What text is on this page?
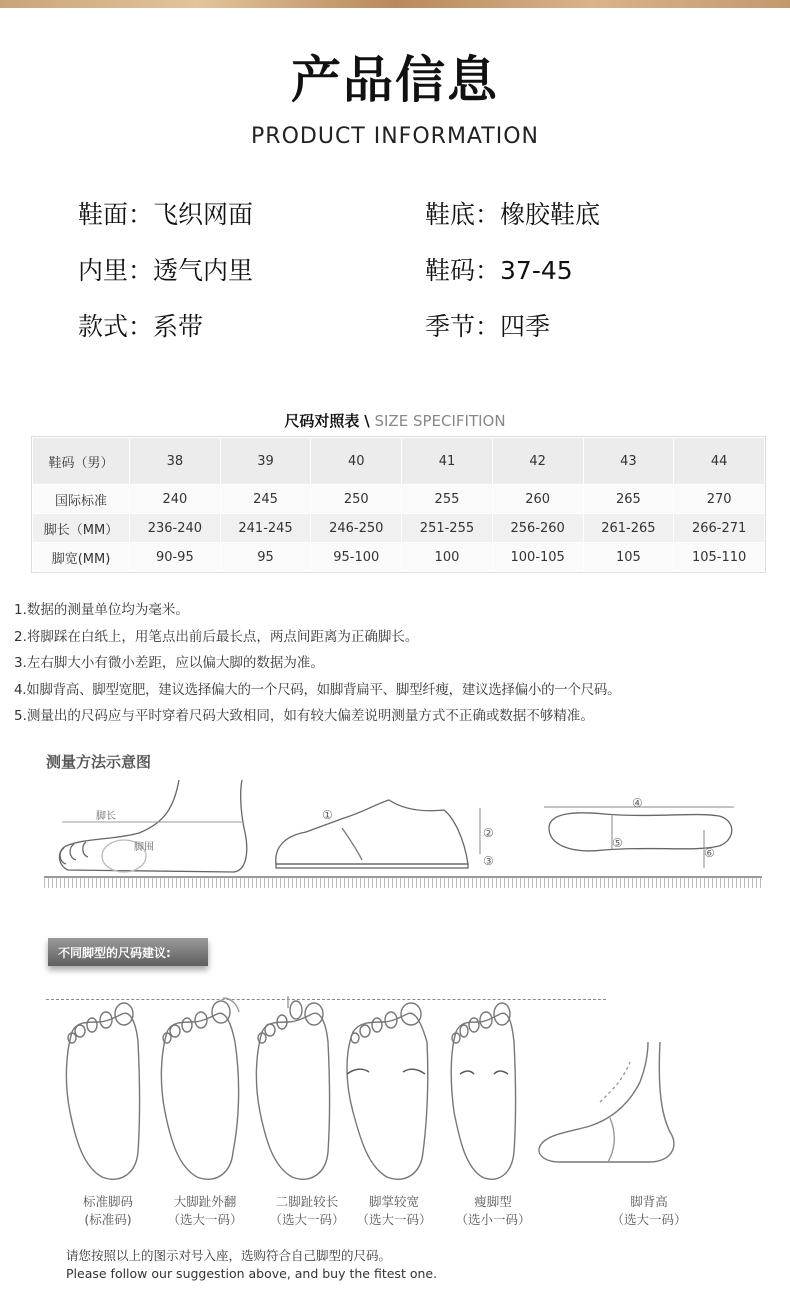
产品信息
PRODUCT INFORMATION
鞋面：飞织网面	鞋底：橡胶鞋底
内里：透气内里	鞋码：37-45
款式：系带	季节：四季
尺码对照表 \ SIZE SPECIFITION
鞋码（男）	38	39	40	41	42	43	44
国际标准	240	245	250	255	260	265	270
脚长（MM）	236-240	241-245	246-250	251-255	256-260	261-265	266-271
脚宽(MM)	90-95	95	95-100	100	100-105	105	105-110
1.数据的测量单位均为毫米。
2.将脚踩在白纸上，用笔点出前后最长点，两点间距离为正确脚长。
3.左右脚大小有微小差距，应以偏大脚的数据为准。
4.如脚背高、脚型宽肥，建议选择偏大的一个尺码，如脚背扁平、脚型纤瘦，建议选择偏小的一个尺码。
5.测量出的尺码应与平时穿着尺码大致相同，如有较大偏差说明测量方式不正确或数据不够精准。
测量方法示意图
脚长
脚围
①
②
③
④
⑤
⑥
不同脚型的尺码建议:
标准脚码
(标准码)
大脚趾外翻
（选大一码）
二脚趾较长
（选大一码）
脚掌较宽
（选大一码）
瘦脚型
（选小一码）
脚背高
（选大一码）
请您按照以上的图示对号入座，选购符合自己脚型的尺码。
Please follow our suggestion above, and buy the fitest one.
